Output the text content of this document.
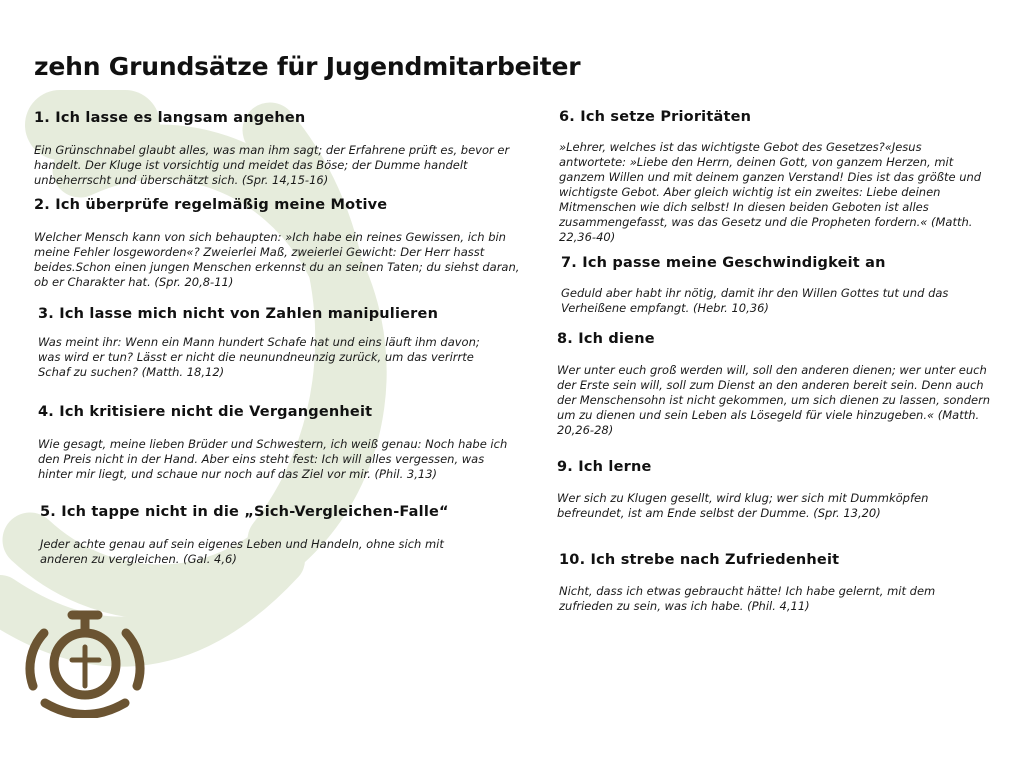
zehn Grundsätze für Jugendmitarbeiter
1. Ich lasse es langsam angehen

Ein Grünschnabel glaubt alles, was man ihm sagt; der Erfahrene prüft es, bevor er handelt. Der Kluge ist vorsichtig und meidet das Böse; der Dumme handelt unbeherrscht und überschätzt sich. (Spr. 14,15-16)

2. Ich überprüfe regelmäßig meine Motive

Welcher Mensch kann von sich behaupten: »Ich habe ein reines Gewissen, ich bin meine Fehler losgeworden«? Zweierlei Maß, zweierlei Gewicht: Der Herr hasst beides.Schon einen jungen Menschen erkennst du an seinen Taten; du siehst daran, ob er Charakter hat. (Spr. 20,8-11)

3. Ich lasse mich nicht von Zahlen manipulieren

Was meint ihr: Wenn ein Mann hundert Schafe hat und eins läuft ihm davon; was wird er tun? Lässt er nicht die neunundneunzig zurück, um das verirrte Schaf zu suchen? (Matth. 18,12)

4. Ich kritisiere nicht die Vergangenheit

Wie gesagt, meine lieben Brüder und Schwestern, ich weiß genau: Noch habe ich den Preis nicht in der Hand. Aber eins steht fest: Ich will alles vergessen, was hinter mir liegt, und schaue nur noch auf das Ziel vor mir. (Phil. 3,13)

5. Ich tappe nicht in die „Sich-Vergleichen-Falle“

Jeder achte genau auf sein eigenes Leben und Handeln, ohne sich mit anderen zu vergleichen. (Gal. 4,6)

6. Ich setze Prioritäten

»Lehrer, welches ist das wichtigste Gebot des Gesetzes?«Jesus antwortete: »Liebe den Herrn, deinen Gott, von ganzem Herzen, mit ganzem Willen und mit deinem ganzen Verstand! Dies ist das größte und wichtigste Gebot. Aber gleich wichtig ist ein zweites: Liebe deinen Mitmenschen wie dich selbst! In diesen beiden Geboten ist alles zusammengefasst, was das Gesetz und die Propheten fordern.« (Matth. 22,36-40)

7. Ich passe meine Geschwindigkeit an

Geduld aber habt ihr nötig, damit ihr den Willen Gottes tut und das Verheißene empfangt. (Hebr. 10,36)

8. Ich diene

Wer unter euch groß werden will, soll den anderen dienen; wer unter euch der Erste sein will, soll zum Dienst an den anderen bereit sein. Denn auch der Menschensohn ist nicht gekommen, um sich dienen zu lassen, sondern um zu dienen und sein Leben als Lösegeld für viele hinzugeben.« (Matth. 20,26-28)

9. Ich lerne

Wer sich zu Klugen gesellt, wird klug; wer sich mit Dummköpfen befreundet, ist am Ende selbst der Dumme. (Spr. 13,20)

10. Ich strebe nach Zufriedenheit

Nicht, dass ich etwas gebraucht hätte! Ich habe gelernt, mit dem zufrieden zu sein, was ich habe. (Phil. 4,11)
